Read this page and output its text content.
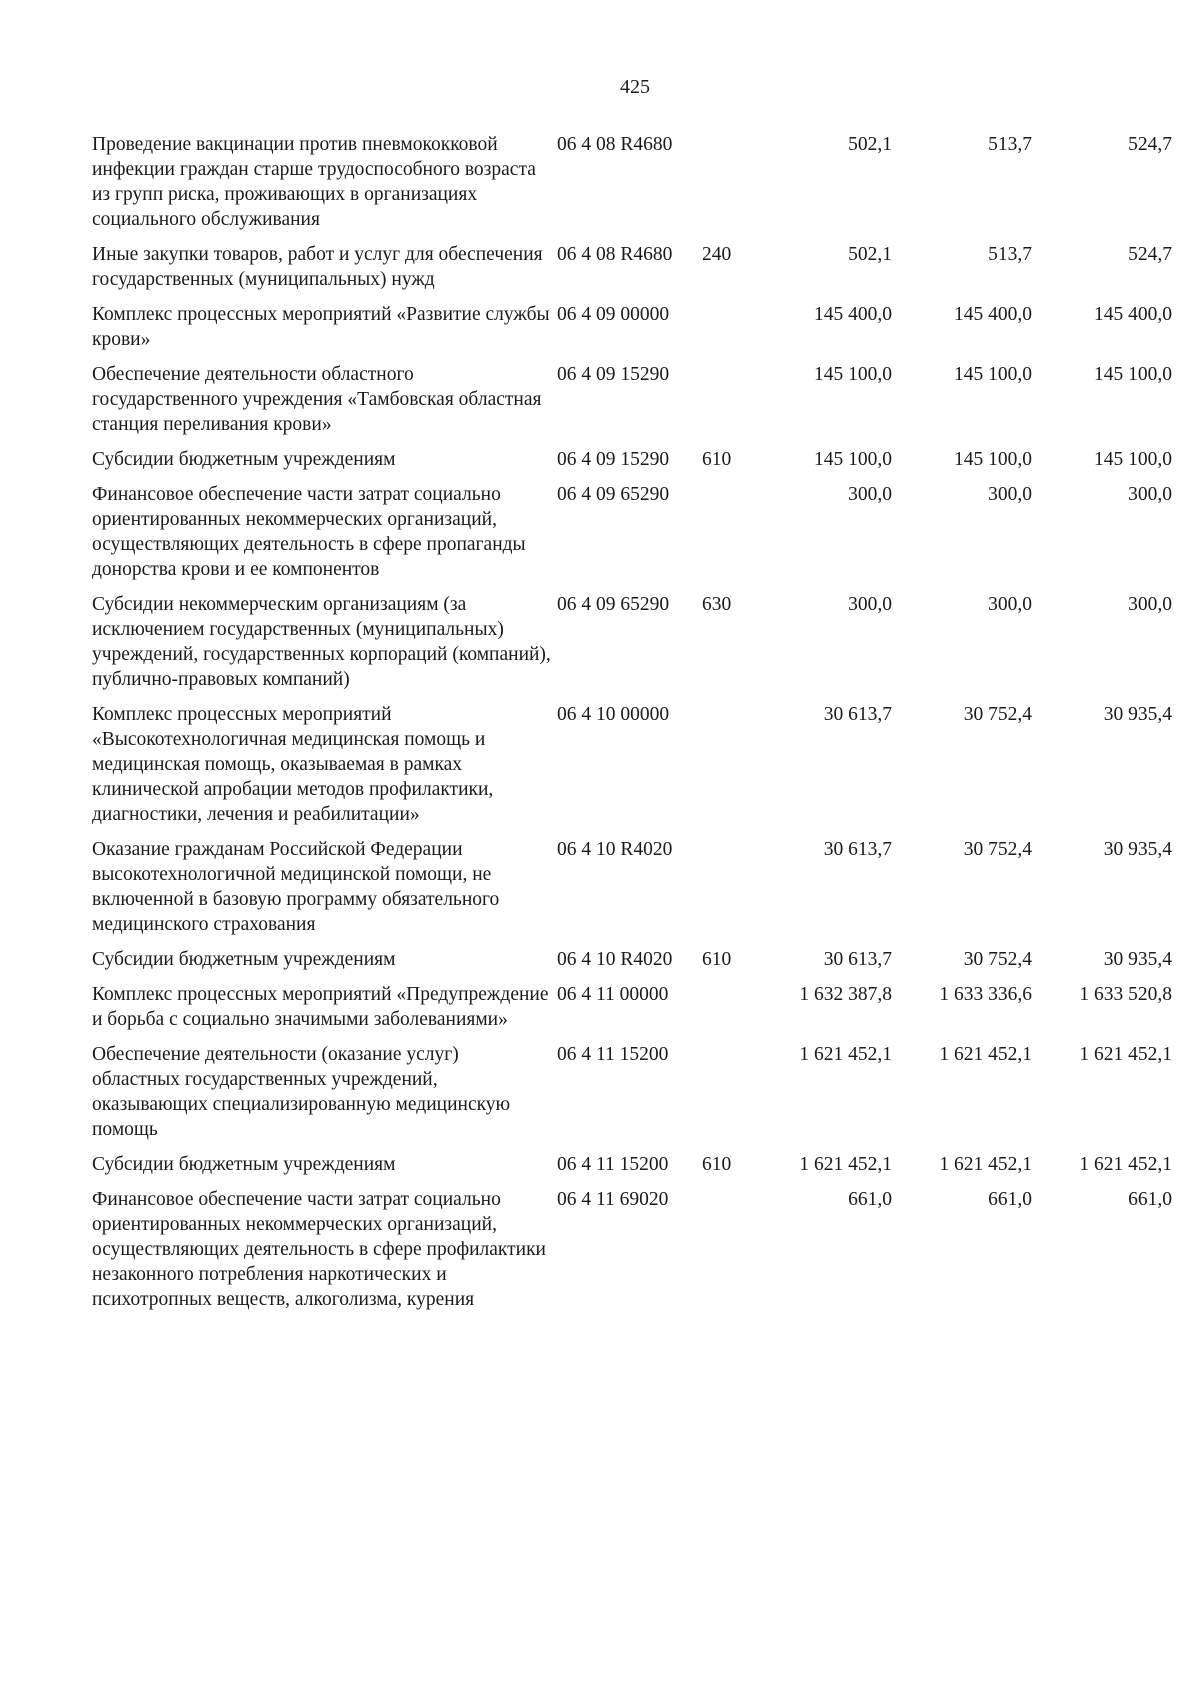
425
Проведение вакцинации против пневмококковой инфекции граждан старше трудоспособного возраста из групп риска, проживающих в организациях социального обслуживания	06 4 08 R4680		502,1	513,7	524,7
Иные закупки товаров, работ и услуг для обеспечения государственных (муниципальных) нужд	06 4 08 R4680	240	502,1	513,7	524,7
Комплекс процессных мероприятий «Развитие службы крови»	06 4 09 00000		145 400,0	145 400,0	145 400,0
Обеспечение деятельности областного государственного учреждения «Тамбовская областная станция переливания крови»	06 4 09 15290		145 100,0	145 100,0	145 100,0
Субсидии бюджетным учреждениям	06 4 09 15290	610	145 100,0	145 100,0	145 100,0
Финансовое обеспечение части затрат социально ориентированных некоммерческих организаций, осуществляющих деятельность в сфере пропаганды донорства крови и ее компонентов	06 4 09 65290		300,0	300,0	300,0
Субсидии некоммерческим организациям (за исключением государственных (муниципальных) учреждений, государственных корпораций (компаний), публично-правовых компаний)	06 4 09 65290	630	300,0	300,0	300,0
Комплекс процессных мероприятий «Высокотехнологичная медицинская помощь и медицинская помощь, оказываемая в рамках клинической апробации методов профилактики, диагностики, лечения и реабилитации»	06 4 10 00000		30 613,7	30 752,4	30 935,4
Оказание гражданам Российской Федерации высокотехнологичной медицинской помощи, не включенной в базовую программу обязательного медицинского страхования	06 4 10 R4020		30 613,7	30 752,4	30 935,4
Субсидии бюджетным учреждениям	06 4 10 R4020	610	30 613,7	30 752,4	30 935,4
Комплекс процессных мероприятий «Предупреждение и борьба с социально значимыми заболеваниями»	06 4 11 00000		1 632 387,8	1 633 336,6	1 633 520,8
Обеспечение деятельности (оказание услуг) областных государственных учреждений, оказывающих специализированную медицинскую помощь	06 4 11 15200		1 621 452,1	1 621 452,1	1 621 452,1
Субсидии бюджетным учреждениям	06 4 11 15200	610	1 621 452,1	1 621 452,1	1 621 452,1
Финансовое обеспечение части затрат социально ориентированных некоммерческих организаций, осуществляющих деятельность в сфере профилактики незаконного потребления наркотических и психотропных веществ, алкоголизма, курения	06 4 11 69020		661,0	661,0	661,0
